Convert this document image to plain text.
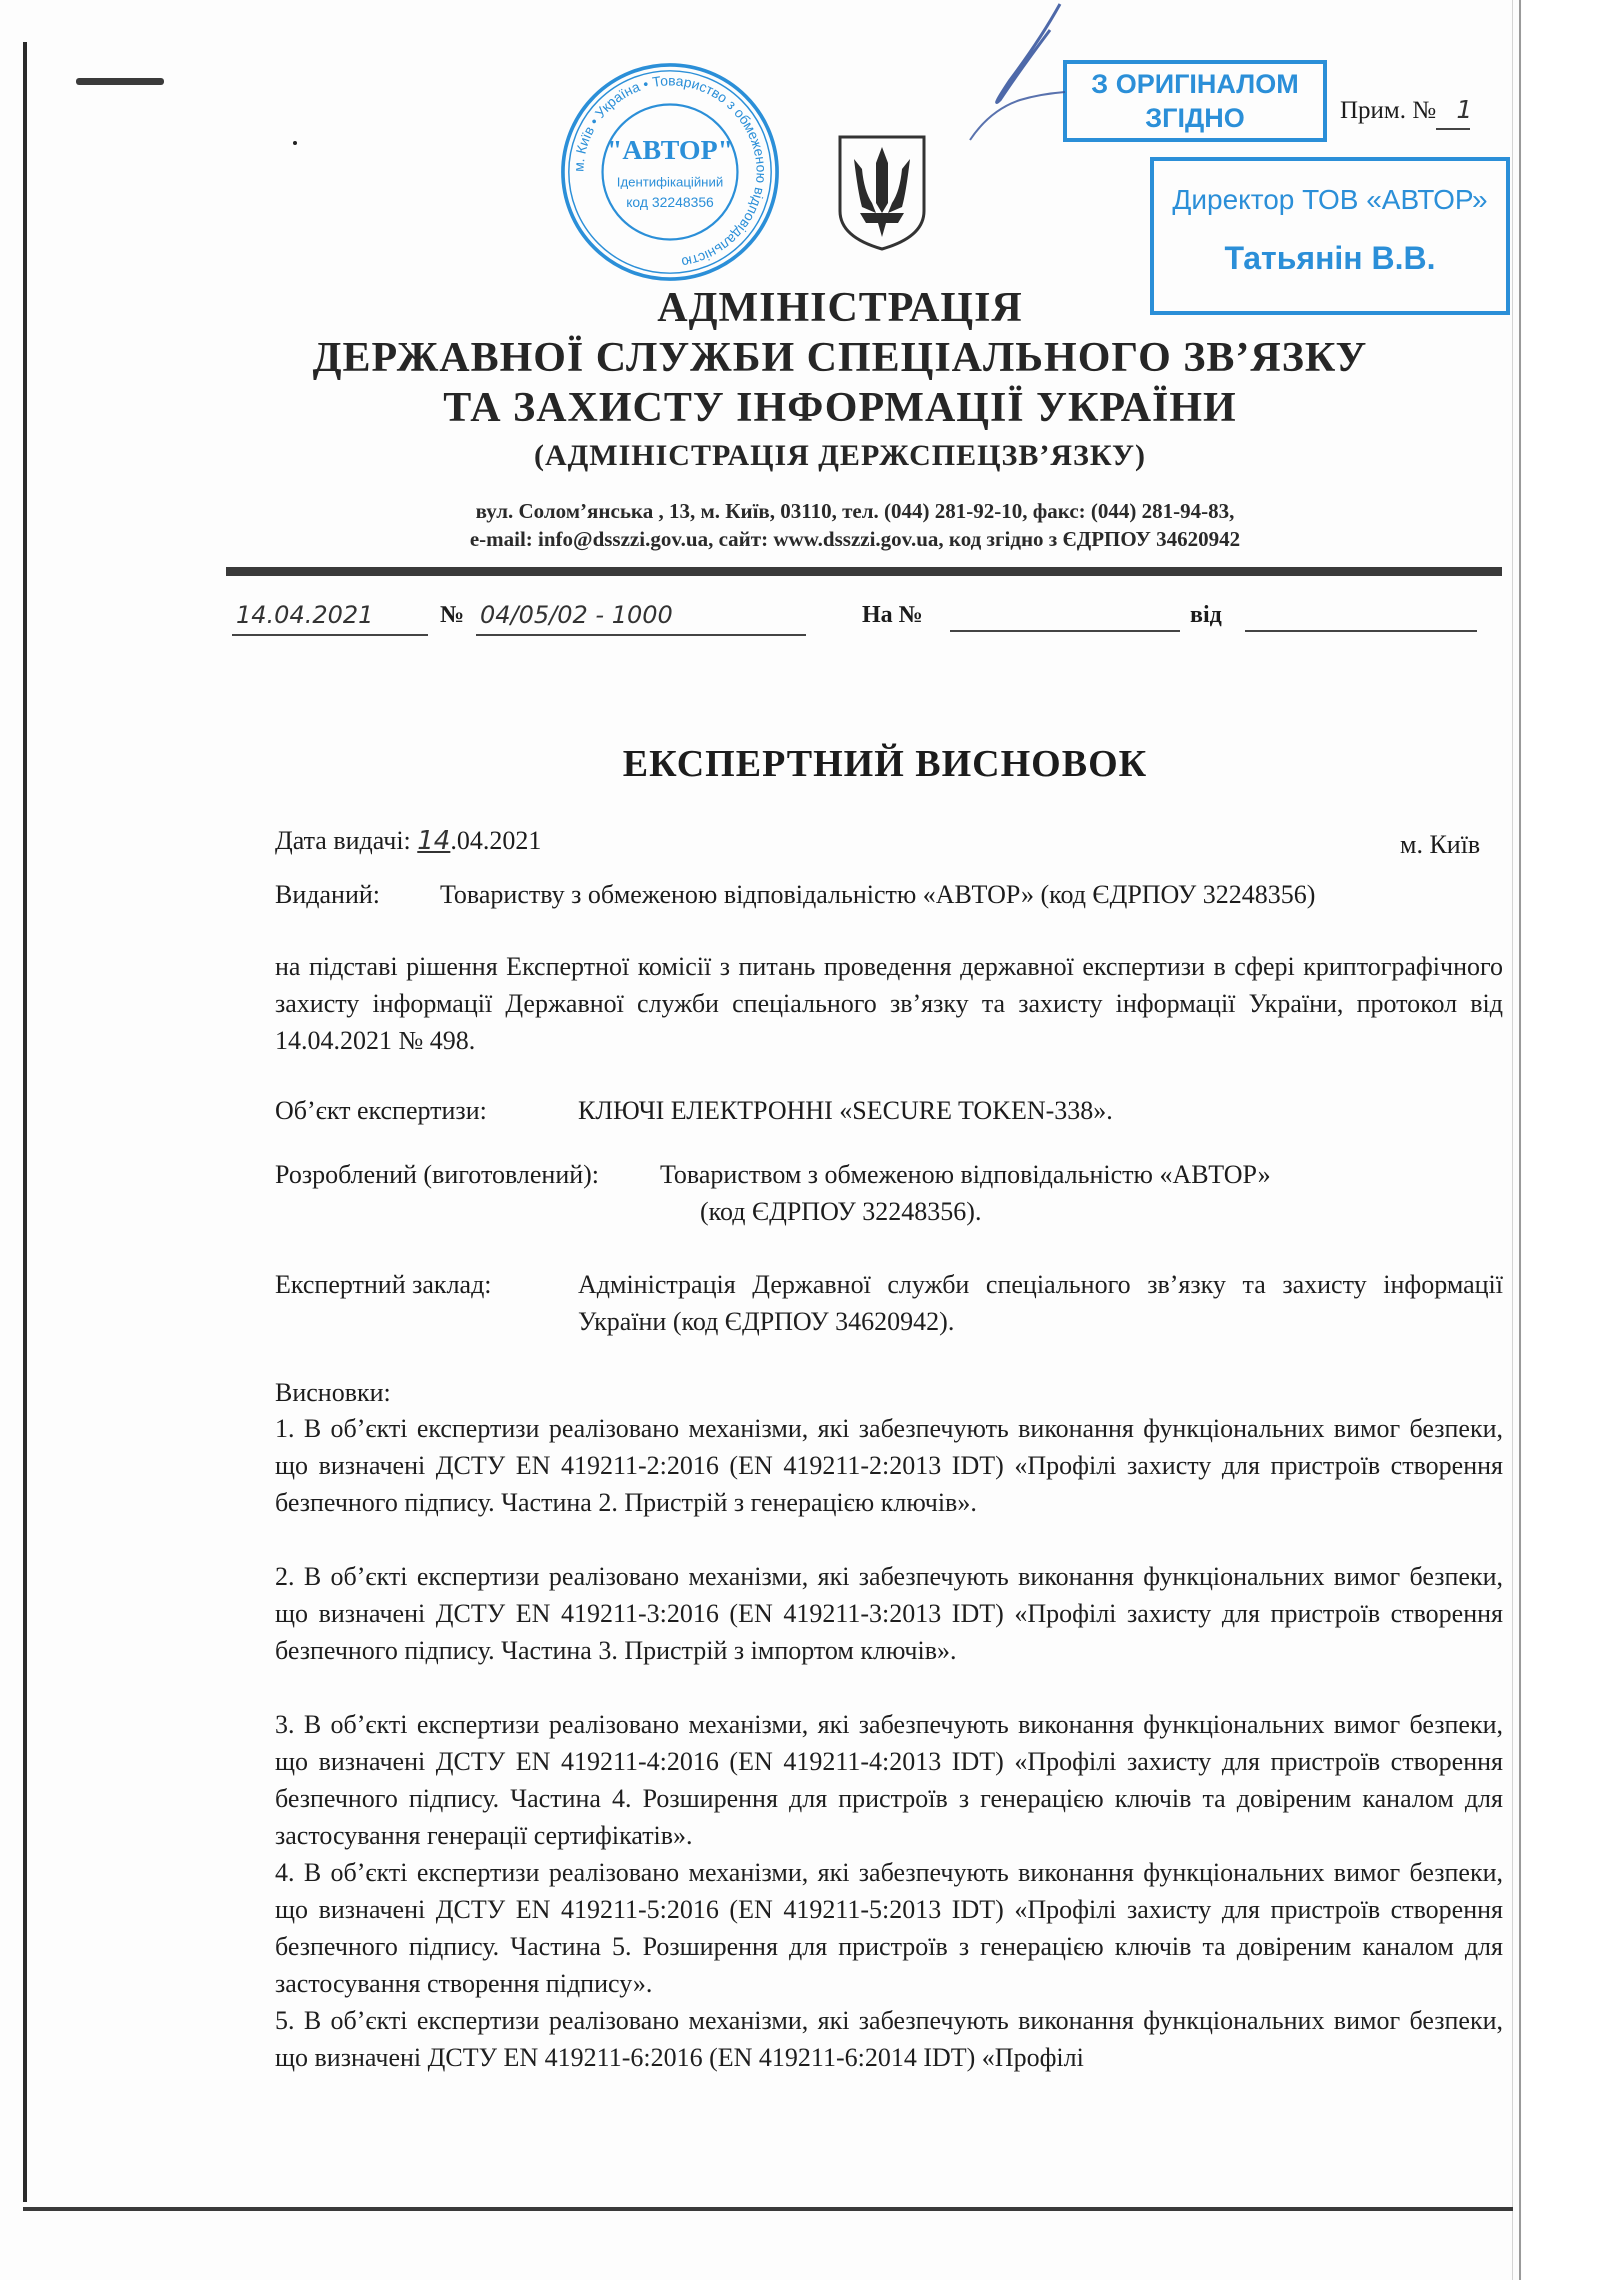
АДМІНІСТРАЦІЯ
ДЕРЖАВНОЇ СЛУЖБИ СПЕЦІАЛЬНОГО ЗВ’ЯЗКУ
ТА ЗАХИСТУ ІНФОРМАЦІЇ УКРАЇНИ
(АДМІНІСТРАЦІЯ ДЕРЖСПЕЦЗВ’ЯЗКУ)
вул. Солом’янська , 13, м. Київ, 03110, тел. (044) 281-92-10, факс: (044) 281-94-83,
e-mail: info@dsszzi.gov.ua, сайт: www.dsszzi.gov.ua, код згідно з ЄДРПОУ 34620942
14.04.2021	№ 04/05/02 - 1000	На №	від
ЕКСПЕРТНИЙ ВИСНОВОК
Дата видачі: 14.04.2021	м. Київ
Виданий: Товариству з обмеженою відповідальністю «АВТОР» (код ЄДРПОУ 32248356)
на підставі рішення Експертної комісії з питань проведення державної експертизи в сфері криптографічного захисту інформації Державної служби спеціального зв’язку та захисту інформації України, протокол від 14.04.2021 № 498.
Об’єкт експертизи:	КЛЮЧІ ЕЛЕКТРОННІ «SECURE TOKEN-338».
Розроблений (виготовлений): Товариством з обмеженою відповідальністю «АВТОР»
(код ЄДРПОУ 32248356).
Експертний заклад:	Адміністрація Державної служби спеціального зв’язку та захисту інформації України (код ЄДРПОУ 34620942).
Висновки:
1. В об’єкті експертизи реалізовано механізми, які забезпечують виконання функціональних вимог безпеки, що визначені ДСТУ EN 419211-2:2016 (EN 419211-2:2013 IDT) «Профілі захисту для пристроїв створення безпечного підпису. Частина 2. Пристрій з генерацією ключів».
2. В об’єкті експертизи реалізовано механізми, які забезпечують виконання функціональних вимог безпеки, що визначені ДСТУ EN 419211-3:2016 (EN 419211-3:2013 IDT) «Профілі захисту для пристроїв створення безпечного підпису. Частина 3. Пристрій з імпортом ключів».
3. В об’єкті експертизи реалізовано механізми, які забезпечують виконання функціональних вимог безпеки, що визначені ДСТУ EN 419211-4:2016 (EN 419211-4:2013 IDT) «Профілі захисту для пристроїв створення безпечного підпису. Частина 4. Розширення для пристроїв з генерацією ключів та довіреним каналом для застосування генерації сертифікатів».
4. В об’єкті експертизи реалізовано механізми, які забезпечують виконання функціональних вимог безпеки, що визначені ДСТУ EN 419211-5:2016 (EN 419211-5:2013 IDT) «Профілі захисту для пристроїв створення безпечного підпису. Частина 5. Розширення для пристроїв з генерацією ключів та довіреним каналом для застосування створення підпису».
5. В об’єкті експертизи реалізовано механізми, які забезпечують виконання функціональних вимог безпеки, що визначені ДСТУ EN 419211-6:2016 (EN 419211-6:2014 IDT) «Профілі
Прим. № 1
З ОРИГІНАЛОМ
ЗГІДНО
Директор ТОВ «АВТОР»
Татьянін В.В.
м. Київ • Україна • Товариство з обмеженою відповідальністю
"АВТОР"
Ідентифікаційний
код 32248356
